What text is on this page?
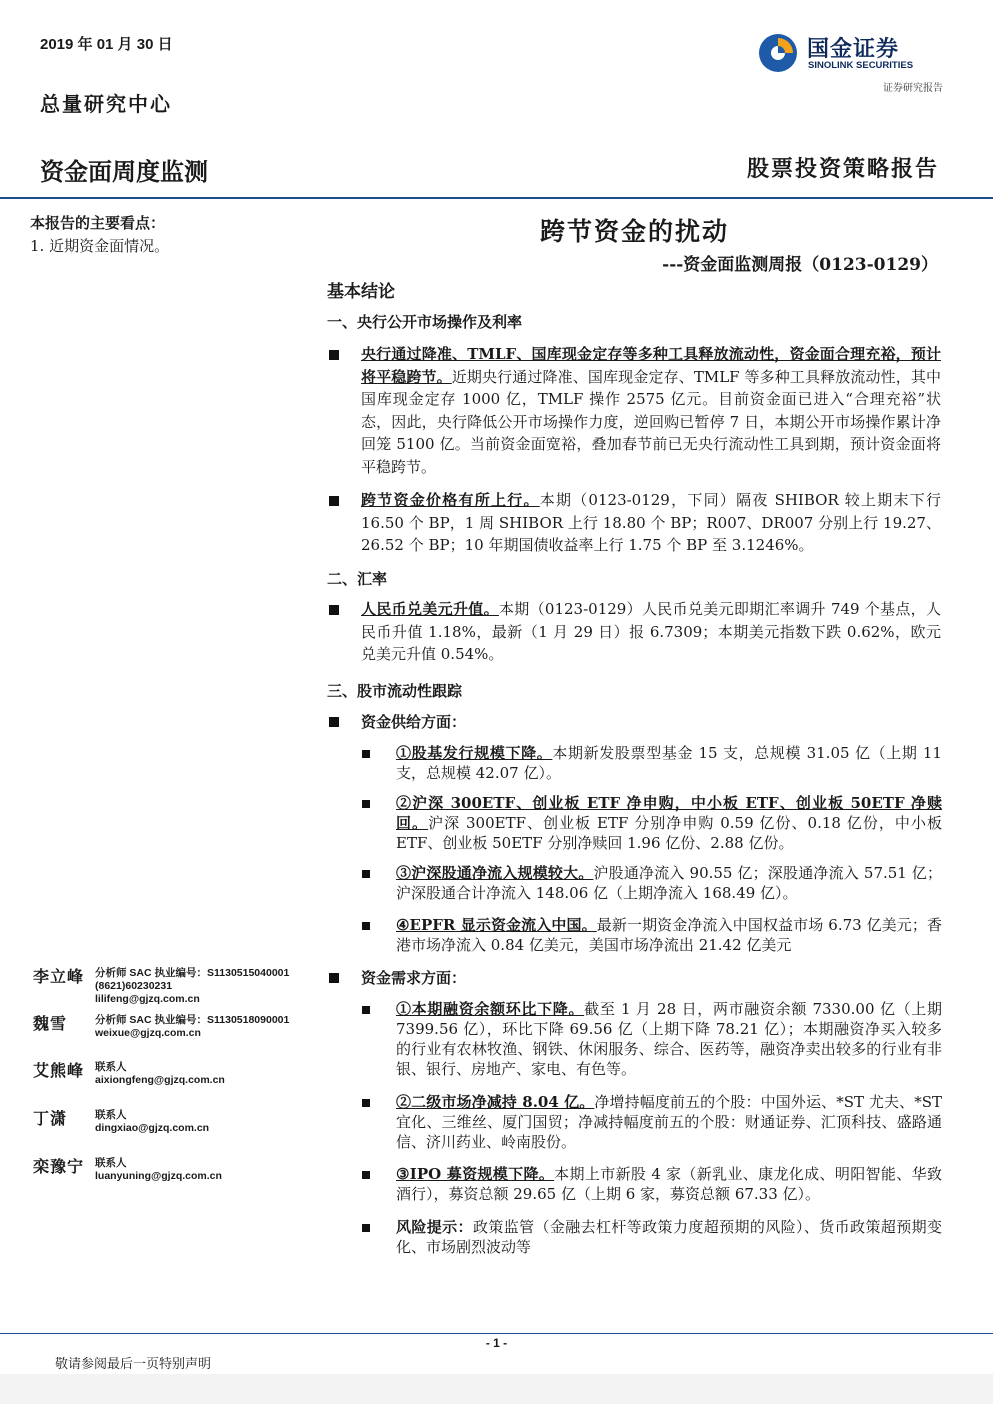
2019 年 01 月 30 日
总量研究中心
资金面周度监测	股票投资策略报告
国金证券
SINOLINK SECURITIES
证券研究报告
本报告的主要看点：
1. 近期资金面情况。
李立峰 分析师 SAC 执业编号：S1130515040001
(8621)60230231
lilifeng@gjzq.com.cn
魏雪	分析师 SAC 执业编号：S1130518090001
weixue@gjzq.com.cn
艾熊峰 联系人
aixiongfeng@gjzq.com.cn
丁潇	联系人
dingxiao@gjzq.com.cn
栾豫宁 联系人
luanyuning@gjzq.com.cn
跨节资金的扰动
---资金面监测周报（0123-0129）
基本结论
一、央行公开市场操作及利率
央行通过降准、TMLF、国库现金定存等多种工具释放流动性，资金面合理充裕，预计将平稳跨节。近期央行通过降准、国库现金定存、TMLF 等多种工具释放流动性，其中国库现金定存 1000 亿，TMLF 操作 2575 亿元。目前资金面已进入“合理充裕”状态，因此，央行降低公开市场操作力度，逆回购已暂停 7 日，本期公开市场操作累计净回笼 5100 亿。当前资金面宽裕，叠加春节前已无央行流动性工具到期，预计资金面将平稳跨节。
跨节资金价格有所上行。本期（0123-0129，下同）隔夜 SHIBOR 较上期末下行 16.50 个 BP，1 周 SHIBOR 上行 18.80 个 BP；R007、DR007 分别上行 19.27、26.52 个 BP；10 年期国债收益率上行 1.75 个 BP 至 3.1246%。
二、汇率
人民币兑美元升值。本期（0123-0129）人民币兑美元即期汇率调升 749 个基点，人民币升值 1.18%，最新（1 月 29 日）报 6.7309；本期美元指数下跌 0.62%，欧元兑美元升值 0.54%。
三、股市流动性跟踪
资金供给方面：
①股基发行规模下降。本期新发股票型基金 15 支，总规模 31.05 亿（上期 11 支，总规模 42.07 亿）。
②沪深 300ETF、创业板 ETF 净申购，中小板 ETF、创业板 50ETF 净赎回。沪深 300ETF、创业板 ETF 分别净申购 0.59 亿份、0.18 亿份，中小板 ETF、创业板 50ETF 分别净赎回 1.96 亿份、2.88 亿份。
③沪深股通净流入规模较大。沪股通净流入 90.55 亿；深股通净流入 57.51 亿；沪深股通合计净流入 148.06 亿（上期净流入 168.49 亿）。
④EPFR 显示资金流入中国。最新一期资金净流入中国权益市场 6.73 亿美元；香港市场净流入 0.84 亿美元，美国市场净流出 21.42 亿美元
资金需求方面：
①本期融资余额环比下降。截至 1 月 28 日，两市融资余额 7330.00 亿（上期 7399.56 亿），环比下降 69.56 亿（上期下降 78.21 亿）；本期融资净买入较多的行业有农林牧渔、钢铁、休闲服务、综合、医药等，融资净卖出较多的行业有非银、银行、房地产、家电、有色等。
②二级市场净减持 8.04 亿。净增持幅度前五的个股：中国外运、*ST 尤夫、*ST 宜化、三维丝、厦门国贸；净减持幅度前五的个股：财通证券、汇顶科技、盛路通信、济川药业、岭南股份。
③IPO 募资规模下降。本期上市新股 4 家（新乳业、康龙化成、明阳智能、华致酒行），募资总额 29.65 亿（上期 6 家，募资总额 67.33 亿）。
风险提示：政策监管（金融去杠杆等政策力度超预期的风险）、货币政策超预期变化、市场剧烈波动等
- 1 -
敬请参阅最后一页特别声明
